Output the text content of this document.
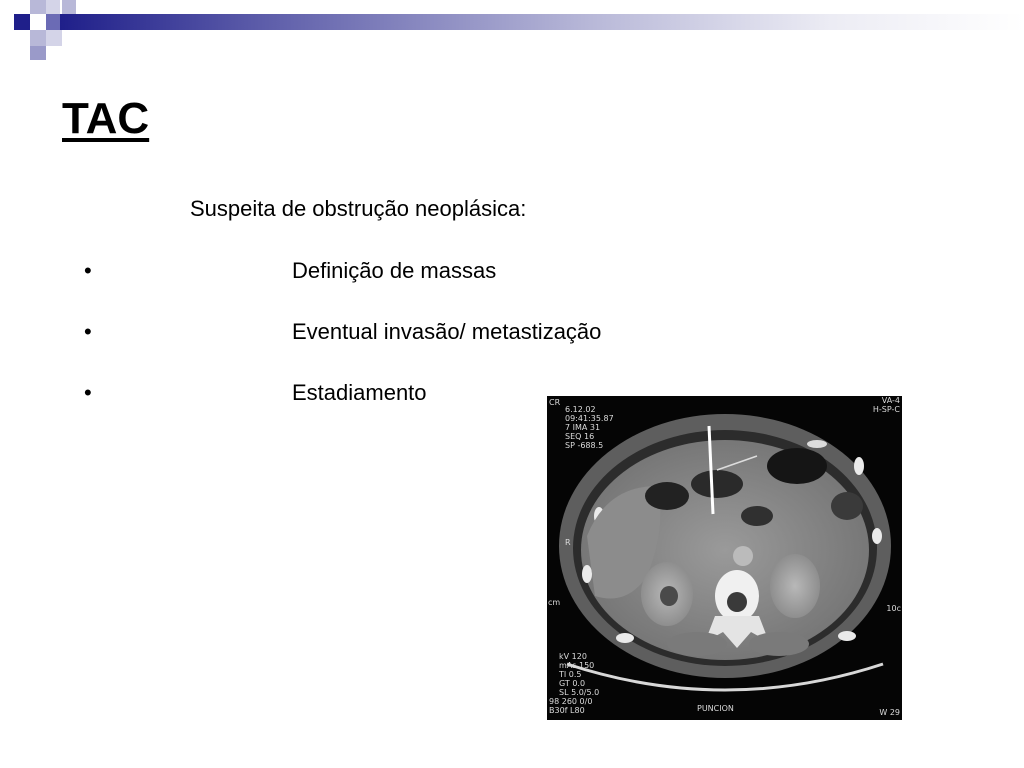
TAC
Suspeita de obstrução neoplásica:
•	Definição de massas
•	Eventual invasão/ metastização
•	Estadiamento	CR
6.12.02
09:41:35.87
7 IMA 31
SEQ 16
SP -688.5
VA-4
H-SP-C
R
cm
10c
kV 120
mAs 150
TI 0.5
GT 0.0
SL 5.0/5.0
98 260 0/0
B30f L80	PUNCION	W 29
